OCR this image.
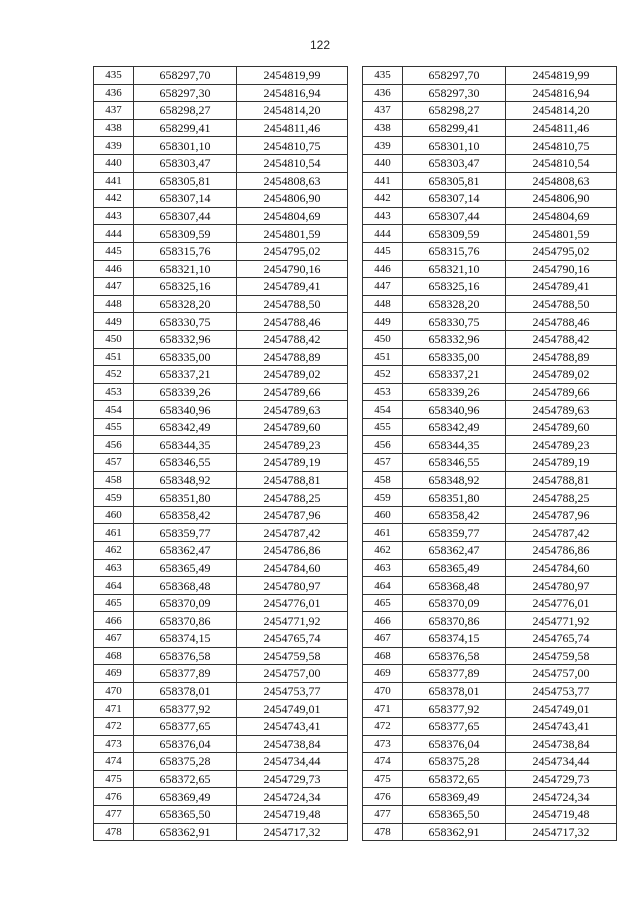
122
435	658297,70	2454819,99
436	658297,30	2454816,94
437	658298,27	2454814,20
438	658299,41	2454811,46
439	658301,10	2454810,75
440	658303,47	2454810,54
441	658305,81	2454808,63
442	658307,14	2454806,90
443	658307,44	2454804,69
444	658309,59	2454801,59
445	658315,76	2454795,02
446	658321,10	2454790,16
447	658325,16	2454789,41
448	658328,20	2454788,50
449	658330,75	2454788,46
450	658332,96	2454788,42
451	658335,00	2454788,89
452	658337,21	2454789,02
453	658339,26	2454789,66
454	658340,96	2454789,63
455	658342,49	2454789,60
456	658344,35	2454789,23
457	658346,55	2454789,19
458	658348,92	2454788,81
459	658351,80	2454788,25
460	658358,42	2454787,96
461	658359,77	2454787,42
462	658362,47	2454786,86
463	658365,49	2454784,60
464	658368,48	2454780,97
465	658370,09	2454776,01
466	658370,86	2454771,92
467	658374,15	2454765,74
468	658376,58	2454759,58
469	658377,89	2454757,00
470	658378,01	2454753,77
471	658377,92	2454749,01
472	658377,65	2454743,41
473	658376,04	2454738,84
474	658375,28	2454734,44
475	658372,65	2454729,73
476	658369,49	2454724,34
477	658365,50	2454719,48
478	658362,91	2454717,32
435	658297,70	2454819,99
436	658297,30	2454816,94
437	658298,27	2454814,20
438	658299,41	2454811,46
439	658301,10	2454810,75
440	658303,47	2454810,54
441	658305,81	2454808,63
442	658307,14	2454806,90
443	658307,44	2454804,69
444	658309,59	2454801,59
445	658315,76	2454795,02
446	658321,10	2454790,16
447	658325,16	2454789,41
448	658328,20	2454788,50
449	658330,75	2454788,46
450	658332,96	2454788,42
451	658335,00	2454788,89
452	658337,21	2454789,02
453	658339,26	2454789,66
454	658340,96	2454789,63
455	658342,49	2454789,60
456	658344,35	2454789,23
457	658346,55	2454789,19
458	658348,92	2454788,81
459	658351,80	2454788,25
460	658358,42	2454787,96
461	658359,77	2454787,42
462	658362,47	2454786,86
463	658365,49	2454784,60
464	658368,48	2454780,97
465	658370,09	2454776,01
466	658370,86	2454771,92
467	658374,15	2454765,74
468	658376,58	2454759,58
469	658377,89	2454757,00
470	658378,01	2454753,77
471	658377,92	2454749,01
472	658377,65	2454743,41
473	658376,04	2454738,84
474	658375,28	2454734,44
475	658372,65	2454729,73
476	658369,49	2454724,34
477	658365,50	2454719,48
478	658362,91	2454717,32
